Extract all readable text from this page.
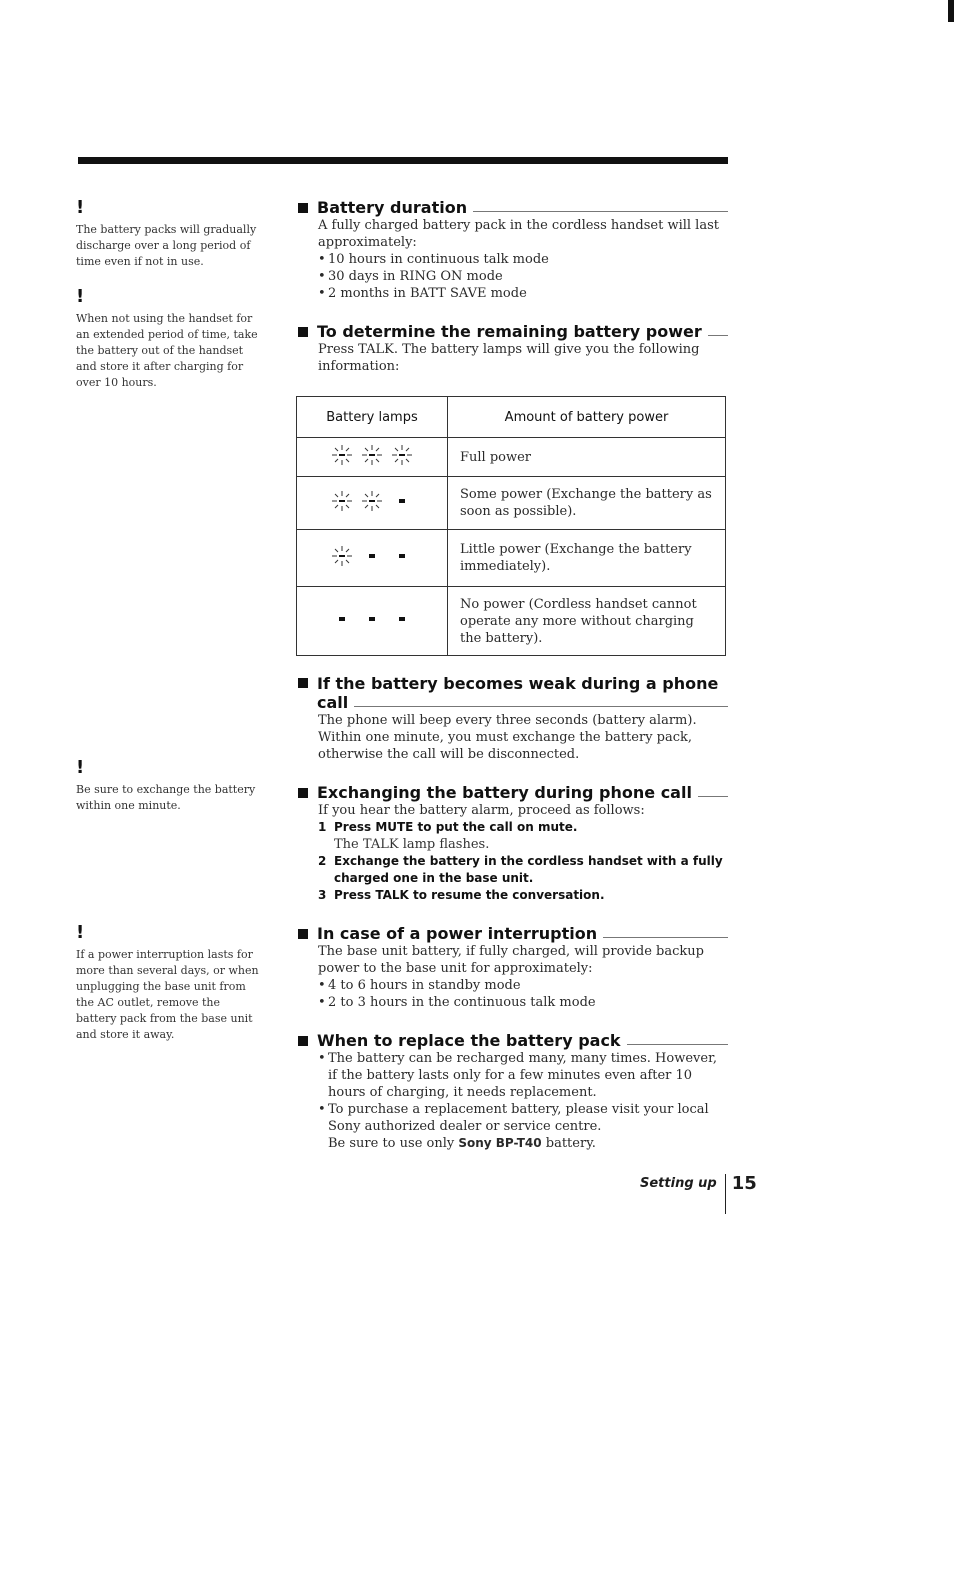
!

The battery packs will gradually discharge over a long period of time even if not in use.

!

When not using the handset for an extended period of time, take the battery out of the handset and store it after charging for over 10 hours.

!

Be sure to exchange the battery within one minute.

!

If a power interruption lasts for more than several days, or when unplugging the base unit from the AC outlet, remove the battery pack from the base unit and store it away.

Battery duration

A fully charged battery pack in the cordless handset will last approximately:

• 10 hours in continuous talk mode
• 30 days in RING ON mode
• 2 months in BATT SAVE mode
To determine the remaining battery power

Press TALK. The battery lamps will give you the following information:

Battery lamps	Amount of battery power

	Full power

	Some power (Exchange the battery as soon as possible).

	Little power (Exchange the battery immediately).

	No power (Cordless handset cannot operate any more without charging the battery).
If the battery becomes weak during a phone
call

The phone will beep every three seconds (battery alarm). Within one minute, you must exchange the battery pack, otherwise the call will be disconnected.

Exchanging the battery during phone call

If you hear the battery alarm, proceed as follows:

1 Press MUTE to put the call on mute.
The TALK lamp flashes.
2 Exchange the battery in the cordless handset with a fully charged one in the base unit.
3 Press TALK to resume the conversation.
In case of a power interruption

The base unit battery, if fully charged, will provide backup power to the base unit for approximately:

• 4 to 6 hours in standby mode
• 2 to 3 hours in the continuous talk mode
When to replace the battery pack
• The battery can be recharged many, many times. However, if the battery lasts only for a few minutes even after 10 hours of charging, it needs replacement.
• To purchase a replacement battery, please visit your local Sony authorized dealer or service centre.
Be sure to use only Sony BP-T40 battery.
Setting up 15
